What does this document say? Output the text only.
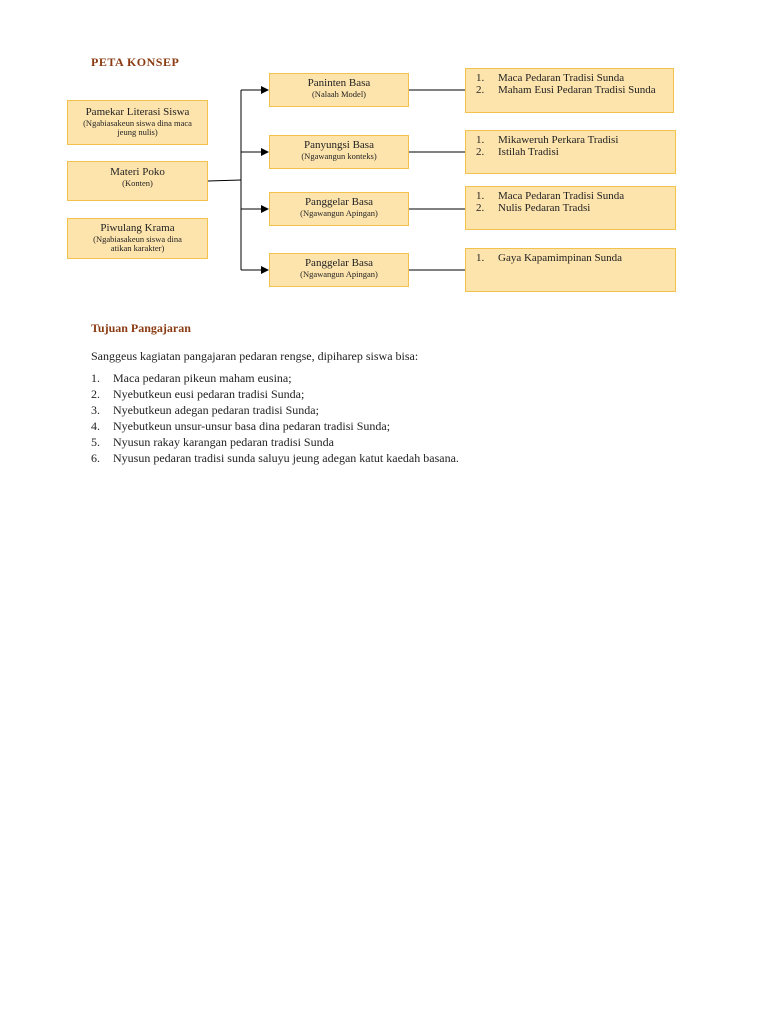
PETA KONSEP
Pamekar Literasi Siswa
(Ngabiasakeun siswa dina maca jeung nulis)
Materi Poko
(Konten)
Piwulang Krama
(Ngabiasakeun siswa dina atikan karakter)
Paninten Basa
(Nalaah Model)
Panyungsi Basa
(Ngawangun konteks)
Panggelar Basa
(Ngawangun Apingan)
Panggelar Basa
(Ngawangun Apingan)
1.	Maca Pedaran Tradisi Sunda
2.	Maham Eusi Pedaran Tradisi Sunda
1.	Mikaweruh Perkara Tradisi
2.	Istilah Tradisi
1.	Maca Pedaran Tradisi Sunda
2.	Nulis Pedaran Tradsi
1.	Gaya Kapamimpinan Sunda
Tujuan Pangajaran
Sanggeus kagiatan pangajaran pedaran rengse, dipiharep siswa bisa:
1.	Maca pedaran pikeun maham eusina;
2.	Nyebutkeun eusi pedaran tradisi Sunda;
3.	Nyebutkeun adegan pedaran tradisi Sunda;
4.	Nyebutkeun unsur-unsur basa dina pedaran tradisi Sunda;
5.	Nyusun rakay karangan pedaran tradisi Sunda
6.	Nyusun pedaran tradisi sunda saluyu jeung adegan katut kaedah basana.
